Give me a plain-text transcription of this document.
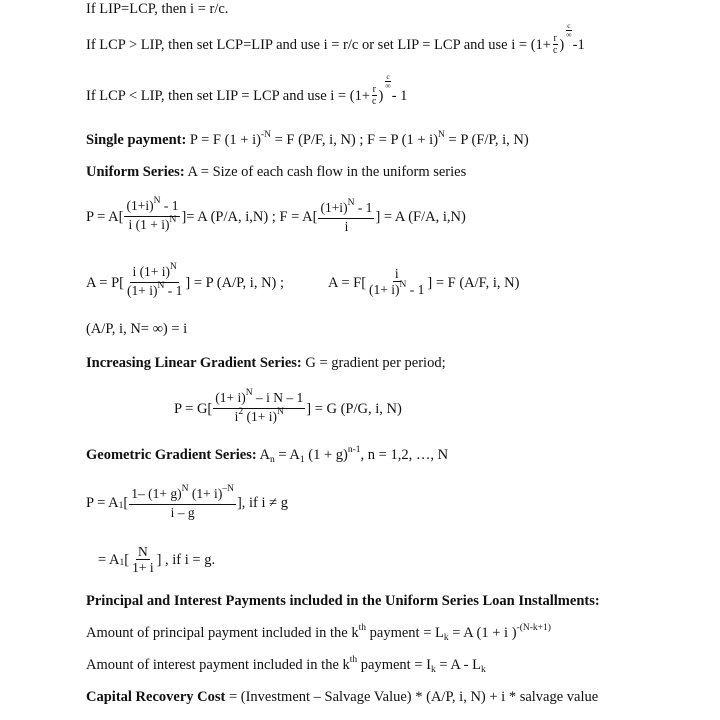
If LIP=LCP, then i = r/c.
If LCP > LIP, then set LCP=LIP and use i = r/c or set LIP = LCP and use $i = (1+ \frac{r}{c}$ )
$\frac{c}{\infty}$
-1
If LCP < LIP, then set LIP = LCP and use $i = (1+ \frac{r}{c}$ )
$\frac{c}{\infty}$
- 1
Single payment: P = F $(1 + i)^{-N} = F$ (P/F, i, N) ; F = P $(1 + i)^N = P$ (F/P, i, N)
Uniform Series: A = Size of each cash flow in the uniform series
$P = A[ \frac{(1+i)^N - 1}{i (1 + i)^N}$ ]= A (P/A, i,N) ; $F = A[ \frac{(1+i)^N - 1}{i}$ ] = A (F/A, i,N)
$A = P[ \frac{i (1+ i)^N}{(1+ i)^N - 1}$ ] = P (A/P, i, N) ;	$A = F[ \frac{i}{(1+ i)^N - 1}$ ] = F (A/F, i, N)
(A/P, i, N= ∞) = i
Increasing Linear Gradient Series: G = gradient per period;
$P = G[ \frac{(1+ i)^N - i N - 1}{i^2 (1+ i)^N}$ ] = G (P/G, i, N)
Geometric Gradient Series: $A_n = A_1$ $(1 + g)^{n-1}$, n = 1,2, …, N
$P = A_1$ [ $\frac{1- (1+ g)^N (1+ i)^{-N}}{i - g}$ ], if i ≠ g
= $A_1$ [ $\frac{N}{1+ i}$ ] , if i = g.
Principal and Interest Payments included in the Uniform Series Loan Installments:
Amount of principal payment included in the $k^{th}$ payment = $L_k = A$ (1 + i )$^{-(N-k+1)}$
Amount of interest payment included in the $k^{th}$ payment = $I_k = A - L_k$
Capital Recovery Cost = (Investment – Salvage Value) * (A/P, i, N) + i * salvage value
